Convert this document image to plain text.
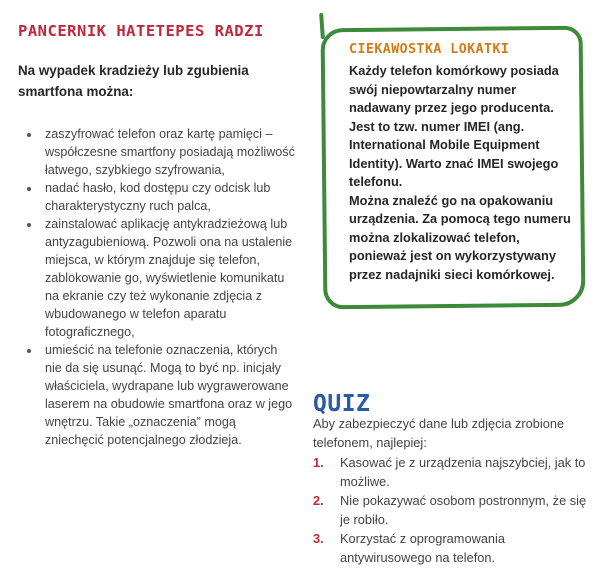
PANCERNIK HATETEPES RADZI

Na wypadek kradzieży lub zgubienia smartfona można:

zaszyfrować telefon oraz kartę pamięci – współczesne smartfony posiadają możliwość łatwego, szybkiego szyfrowania,
nadać hasło, kod dostępu czy odcisk lub charakterystyczny ruch palca,
zainstalować aplikację antykradzieżową lub antyzagubieniową. Pozwoli ona na ustalenie miejsca, w którym znajduje się telefon, zablokowanie go, wyświetlenie komunikatu na ekranie czy też wykonanie zdjęcia z wbudowanego w telefon aparatu fotograficznego,
umieścić na telefonie oznaczenia, których nie da się usunąć. Mogą to być np. inicjały właściciela, wydrapane lub wygrawerowane laserem na obudowie smartfona oraz w jego wnętrzu. Takie „oznaczenia” mogą zniechęcić potencjalnego złodzieja.
CIEKAWOSTKA LOKATKI

Każdy telefon komórkowy posiada swój niepowtarzalny numer nadawany przez jego producenta. Jest to tzw. numer IMEI (ang. International Mobile Equipment Identity). Warto znać IMEI swojego telefonu.

Można znaleźć go na opakowaniu urządzenia. Za pomocą tego numeru można zlokalizować telefon, ponieważ jest on wykorzystywany przez nadajniki sieci komórkowej.

QUIZ
Aby zabezpieczyć dane lub zdjęcia zrobione telefonem, najlepiej:
1. Kasować je z urządzenia najszybciej, jak to możliwe.
2. Nie pokazywać osobom postronnym, że się je robiło.
3. Korzystać z oprogramowania antywirusowego na telefon.
